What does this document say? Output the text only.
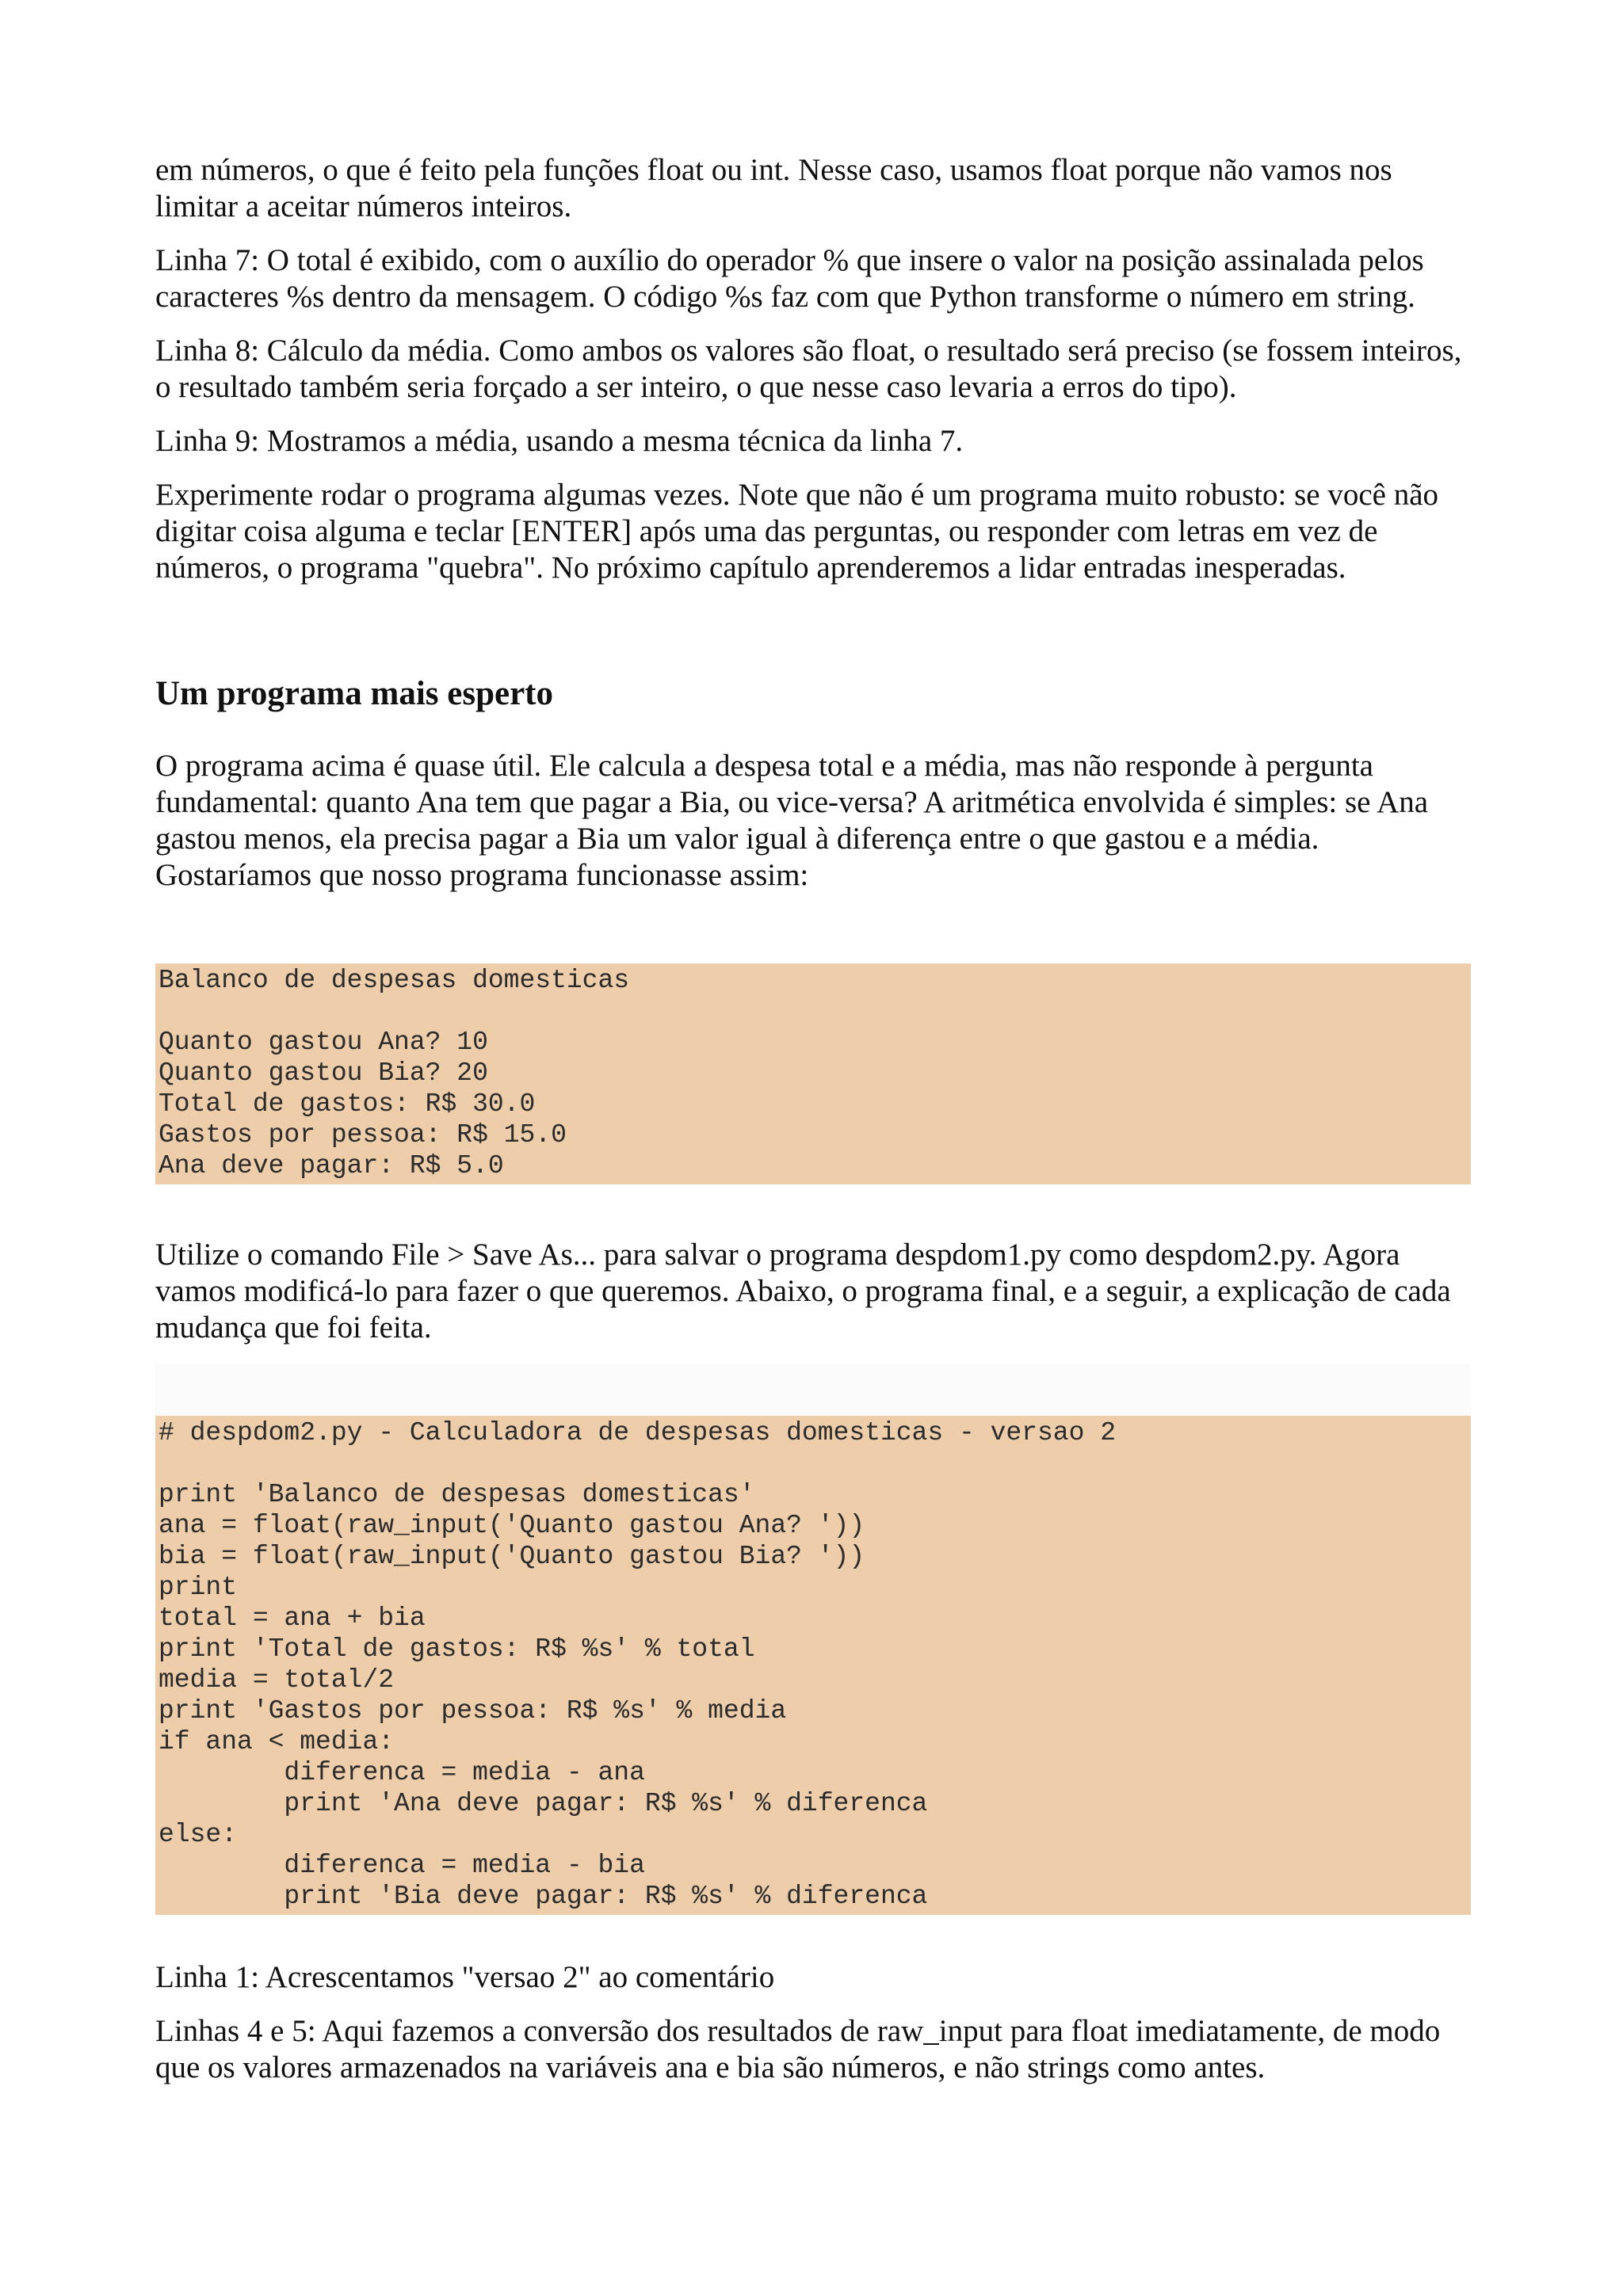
em números, o que é feito pela funções float ou int. Nesse caso, usamos float porque não vamos nos limitar a aceitar números inteiros.

Linha 7: O total é exibido, com o auxílio do operador % que insere o valor na posição assinalada pelos caracteres %s dentro da mensagem. O código %s faz com que Python transforme o número em string.

Linha 8: Cálculo da média. Como ambos os valores são float, o resultado será preciso (se fossem inteiros, o resultado também seria forçado a ser inteiro, o que nesse caso levaria a erros do tipo).

Linha 9: Mostramos a média, usando a mesma técnica da linha 7.

Experimente rodar o programa algumas vezes. Note que não é um programa muito robusto: se você não digitar coisa alguma e teclar [ENTER] após uma das perguntas, ou responder com letras em vez de números, o programa "quebra". No próximo capítulo aprenderemos a lidar entradas inesperadas.

Um programa mais esperto

O programa acima é quase útil. Ele calcula a despesa total e a média, mas não responde à pergunta fundamental: quanto Ana tem que pagar a Bia, ou vice-versa? A aritmética envolvida é simples: se Ana gastou menos, ela precisa pagar a Bia um valor igual à diferença entre o que gastou e a média. Gostaríamos que nosso programa funcionasse assim:

Balanco de despesas domesticas

Quanto gastou Ana? 10
Quanto gastou Bia? 20
Total de gastos: R$ 30.0
Gastos por pessoa: R$ 15.0
Ana deve pagar: R$ 5.0

Utilize o comando File > Save As... para salvar o programa despdom1.py como despdom2.py. Agora vamos modificá-lo para fazer o que queremos. Abaixo, o programa final, e a seguir, a explicação de cada mudança que foi feita.

# despdom2.py - Calculadora de despesas domesticas - versao 2

print 'Balanco de despesas domesticas'
ana = float(raw_input('Quanto gastou Ana? '))
bia = float(raw_input('Quanto gastou Bia? '))
print
total = ana + bia
print 'Total de gastos: R$ %s' % total
media = total/2
print 'Gastos por pessoa: R$ %s' % media
if ana < media:
diferenca = media - ana
print 'Ana deve pagar: R$ %s' % diferenca
else:
diferenca = media - bia
print 'Bia deve pagar: R$ %s' % diferenca

Linha 1: Acrescentamos "versao 2" ao comentário

Linhas 4 e 5: Aqui fazemos a conversão dos resultados de raw_input para float imediatamente, de modo que os valores armazenados na variáveis ana e bia são números, e não strings como antes.
